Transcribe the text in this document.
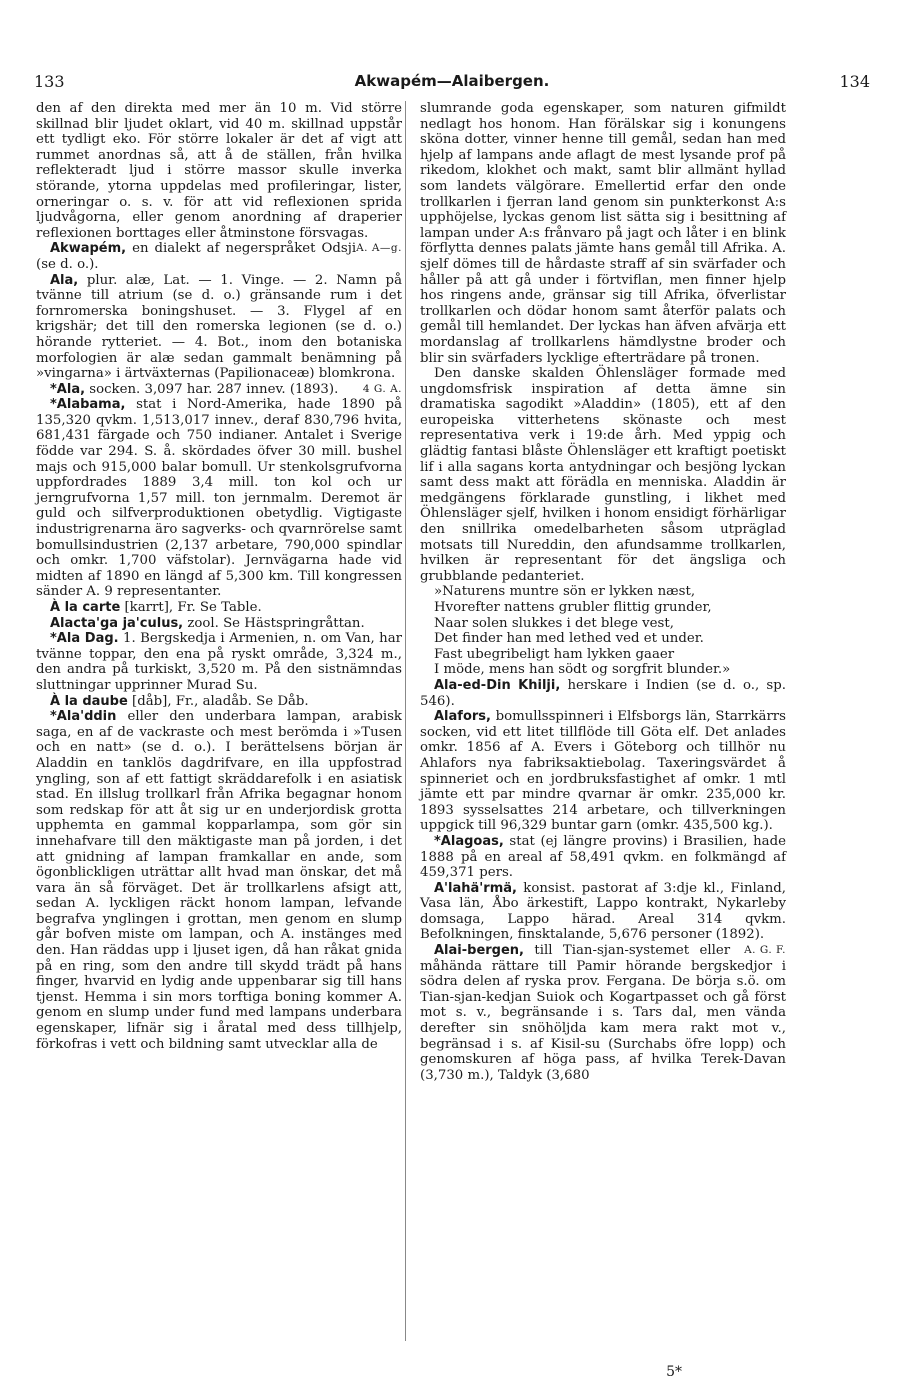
133	Akwapém—Alaibergen.	134

den af den direkta med mer än 10 m. Vid större skillnad blir ljudet oklart, vid 40 m. skillnad uppstår ett tydligt eko. För större lokaler är det af vigt att rummet anordnas så, att å de ställen, från hvilka reflekteradt ljud i större massor skulle inverka störande, ytorna uppdelas med profileringar, lister, orneringar o. s. v. för att vid reflexionen sprida ljudvågorna, eller genom anordning af draperier reflexionen borttages eller åtminstone försvagas.
A. A—g.

Akwapém, en dialekt af negerspråket Odsji (se d. o.).

Ala, plur. alæ, Lat. — 1. Vinge. — 2. Namn på tvänne till atrium (se d. o.) gränsande rum i det fornromerska boningshuset. — 3. Flygel af en krigshär; det till den romerska legionen (se d. o.) hörande rytteriet. — 4. Bot., inom den botaniska morfologien är alæ sedan gammalt benämning på »vingarna» i ärtväxternas (Papilionaceæ) blomkrona.
4 G. A.

*Ala, socken. 3,097 har. 287 innev. (1893).

*Alabama, stat i Nord-Amerika, hade 1890 på 135,320 qvkm. 1,513,017 innev., deraf 830,796 hvita, 681,431 färgade och 750 indianer. Antalet i Sverige födde var 294. S. å. skördades öfver 30 mill. bushel majs och 915,000 balar bomull. Ur stenkolsgrufvorna uppfordrades 1889 3,4 mill. ton kol och ur jerngrufvorna 1,57 mill. ton jernmalm. Deremot är guld och silfverproduktionen obetydlig. Vigtigaste industrigrenarna äro sagverks- och qvarnrörelse samt bomullsindustrien (2,137 arbetare, 790,000 spindlar och omkr. 1,700 väfstolar). Jernvägarna hade vid midten af 1890 en längd af 5,300 km. Till kongressen sänder A. 9 representanter.

À la carte [karrt], Fr. Se Table.

Alacta'ga ja'culus, zool. Se Hästspringråttan.

*Ala Dag. 1. Bergskedja i Armenien, n. om Van, har tvänne toppar, den ena på ryskt område, 3,324 m., den andra på turkiskt, 3,520 m. På den sistnämndas sluttningar upprinner Murad Su.

À la daube [dåb], Fr., aladåb. Se Dåb.

*Ala'ddin eller den underbara lampan, arabisk saga, en af de vackraste och mest berömda i »Tusen och en natt» (se d. o.). I berättelsens början är Aladdin en tanklös dagdrifvare, en illa uppfostrad yngling, son af ett fattigt skräddarefolk i en asiatisk stad. En illslug trollkarl från Afrika begagnar honom som redskap för att åt sig ur en underjordisk grotta upphemta en gammal kopparlampa, som gör sin innehafvare till den mäktigaste man på jorden, i det att gnidning af lampan framkallar en ande, som ögonblickligen uträttar allt hvad man önskar, det må vara än så förväget. Det är trollkarlens afsigt att, sedan A. lyckligen räckt honom lampan, lefvande begrafva ynglingen i grottan, men genom en slump går bofven miste om lampan, och A. instänges med den. Han räddas upp i ljuset igen, då han råkat gnida på en ring, som den andre till skydd trädt på hans finger, hvarvid en lydig ande uppenbarar sig till hans tjenst. Hemma i sin mors torftiga boning kommer A. genom en slump under fund med lampans underbara egenskaper, lifnär sig i åratal med dess tillhjelp, förkofras i vett och bildning samt utvecklar alla de

slumrande goda egenskaper, som naturen gifmildt nedlagt hos honom. Han förälskar sig i konungens sköna dotter, vinner henne till gemål, sedan han med hjelp af lampans ande aflagt de mest lysande prof på rikedom, klokhet och makt, samt blir allmänt hyllad som landets välgörare. Emellertid erfar den onde trollkarlen i fjerran land genom sin punkterkonst A:s upphöjelse, lyckas genom list sätta sig i besittning af lampan under A:s frånvaro på jagt och låter i en blink förflytta dennes palats jämte hans gemål till Afrika. A. sjelf dömes till de hårdaste straff af sin svärfader och håller på att gå under i förtviflan, men finner hjelp hos ringens ande, gränsar sig till Afrika, öfverlistar trollkarlen och dödar honom samt återför palats och gemål till hemlandet. Der lyckas han äfven afvärja ett mordanslag af trollkarlens hämdlystne broder och blir sin svärfaders lycklige efterträdare på tronen.

Den danske skalden Öhlensläger formade med ungdomsfrisk inspiration af detta ämne sin dramatiska sagodikt »Aladdin» (1805), ett af den europeiska vitterhetens skönaste och mest representativa verk i 19:de årh. Med yppig och glädtig fantasi blåste Öhlensläger ett kraftigt poetiskt lif i alla sagans korta antydningar och besjöng lyckan samt dess makt att förädla en menniska. Aladdin är medgängens förklarade gunstling, i likhet med Öhlensläger sjelf, hvilken i honom ensidigt förhärligar den snillrika omedelbarheten såsom utpräglad motsats till Nureddin, den afundsamme trollkarlen, hvilken är representant för det ängsliga och grubblande pedanteriet.

»Naturens muntre sön er lykken næst,
Hvorefter nattens grubler flittig grunder,
Naar solen slukkes i det blege vest,
Det finder han med lethed ved et under.
Fast ubegribeligt ham lykken gaaer
I möde, mens han södt og sorgfrit blunder.»

Ala-ed-Din Khilji, herskare i Indien (se d. o., sp. 546).

Alafors, bomullsspinneri i Elfsborgs län, Starrkärrs socken, vid ett litet tillflöde till Göta elf. Det anlades omkr. 1856 af A. Evers i Göteborg och tillhör nu Ahlafors nya fabriksaktiebolag. Taxeringsvärdet å spinneriet och en jordbruksfastighet af omkr. 1 mtl jämte ett par mindre qvarnar är omkr. 235,000 kr. 1893 sysselsattes 214 arbetare, och tillverkningen uppgick till 96,329 buntar garn (omkr. 435,500 kg.).

*Alagoas, stat (ej längre provins) i Brasilien, hade 1888 på en areal af 58,491 qvkm. en folkmängd af 459,371 pers.

A'lahä'rmä, konsist. pastorat af 3:dje kl., Finland, Vasa län, Åbo ärkestift, Lappo kontrakt, Nykarleby domsaga, Lappo härad. Areal 314 qvkm. Befolkningen, finsktalande, 5,676 personer (1892).
A. G. F.

Alai-bergen, till Tian-sjan-systemet eller måhända rättare till Pamir hörande bergskedjor i södra delen af ryska prov. Fergana. De börja s.ö. om Tian-sjan-kedjan Suiok och Kogartpasset och gå först mot s. v., begränsande i s. Tars dal, men vända derefter sin snöhöljda kam mera rakt mot v., begränsad i s. af Kisil-su (Surchabs öfre lopp) och genomskuren af höga pass, af hvilka Terek-Davan (3,730 m.), Taldyk (3,680

5*
